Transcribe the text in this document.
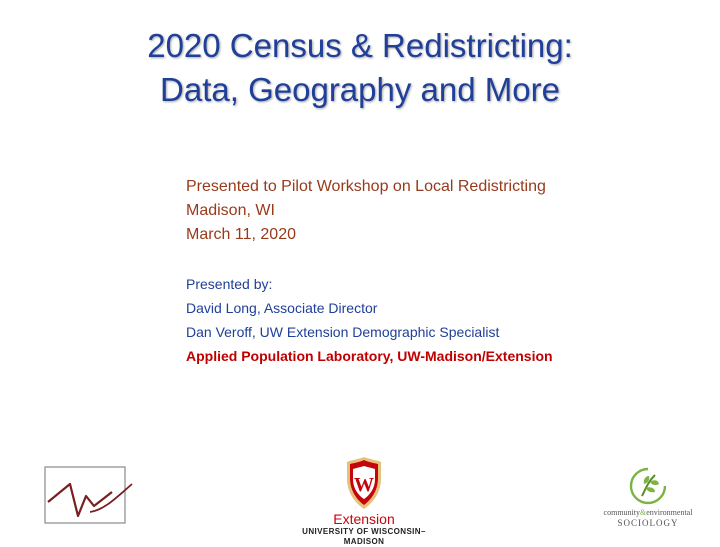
2020 Census & Redistricting:
Data, Geography and More
Presented to Pilot Workshop on Local Redistricting
Madison, WI
March 11, 2020
Presented by:
David Long, Associate Director
Dan Veroff, UW Extension Demographic Specialist
Applied Population Laboratory, UW-Madison/Extension
W
Extension
UNIVERSITY OF WISCONSIN–MADISON
community&environmental
SOCIOLOGY
